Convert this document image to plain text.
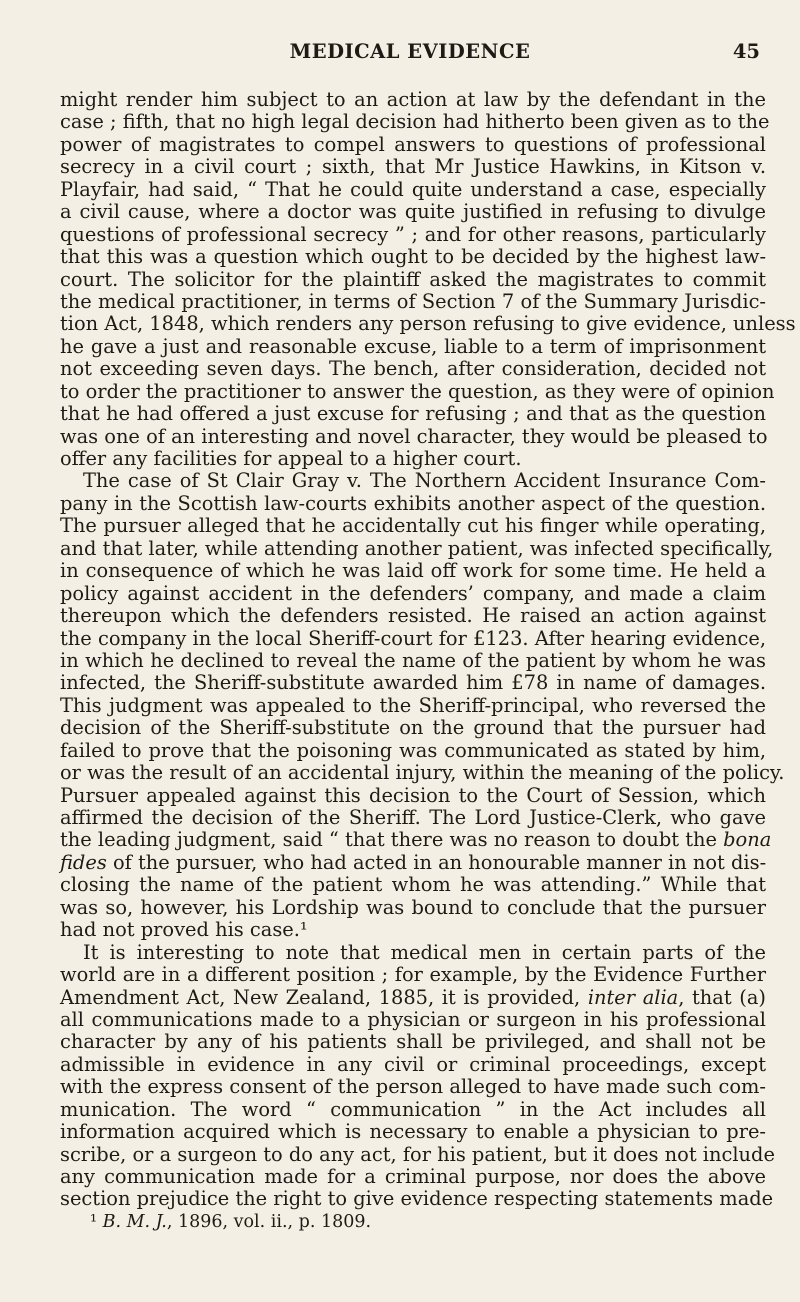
MEDICAL EVIDENCE	45
might render him subject to an action at law by the defendant in the
case ; fifth, that no high legal decision had hitherto been given as to the
power of magistrates to compel answers to questions of professional
secrecy in a civil court ; sixth, that Mr Justice Hawkins, in Kitson v.
Playfair, had said, “ That he could quite understand a case, especially
a civil cause, where a doctor was quite justified in refusing to divulge
questions of professional secrecy ” ; and for other reasons, particularly
that this was a question which ought to be decided by the highest law-
court. The solicitor for the plaintiff asked the magistrates to commit
the medical practitioner, in terms of Section 7 of the Summary Jurisdic-
tion Act, 1848, which renders any person refusing to give evidence, unless
he gave a just and reasonable excuse, liable to a term of imprisonment
not exceeding seven days. The bench, after consideration, decided not
to order the practitioner to answer the question, as they were of opinion
that he had offered a just excuse for refusing ; and that as the question
was one of an interesting and novel character, they would be pleased to
offer any facilities for appeal to a higher court.
The case of St Clair Gray v. The Northern Accident Insurance Com-
pany in the Scottish law-courts exhibits another aspect of the question.
The pursuer alleged that he accidentally cut his finger while operating,
and that later, while attending another patient, was infected specifically,
in consequence of which he was laid off work for some time. He held a
policy against accident in the defenders’ company, and made a claim
thereupon which the defenders resisted. He raised an action against
the company in the local Sheriff-court for £123. After hearing evidence,
in which he declined to reveal the name of the patient by whom he was
infected, the Sheriff-substitute awarded him £78 in name of damages.
This judgment was appealed to the Sheriff-principal, who reversed the
decision of the Sheriff-substitute on the ground that the pursuer had
failed to prove that the poisoning was communicated as stated by him,
or was the result of an accidental injury, within the meaning of the policy.
Pursuer appealed against this decision to the Court of Session, which
affirmed the decision of the Sheriff. The Lord Justice-Clerk, who gave
the leading judgment, said “ that there was no reason to doubt the bona
fides of the pursuer, who had acted in an honourable manner in not dis-
closing the name of the patient whom he was attending.” While that
was so, however, his Lordship was bound to conclude that the pursuer
had not proved his case.¹
It is interesting to note that medical men in certain parts of the
world are in a different position ; for example, by the Evidence Further
Amendment Act, New Zealand, 1885, it is provided, inter alia, that (a)
all communications made to a physician or surgeon in his professional
character by any of his patients shall be privileged, and shall not be
admissible in evidence in any civil or criminal proceedings, except
with the express consent of the person alleged to have made such com-
munication. The word “ communication ” in the Act includes all
information acquired which is necessary to enable a physician to pre-
scribe, or a surgeon to do any act, for his patient, but it does not include
any communication made for a criminal purpose, nor does the above
section prejudice the right to give evidence respecting statements made
¹ B. M. J., 1896, vol. ii., p. 1809.
